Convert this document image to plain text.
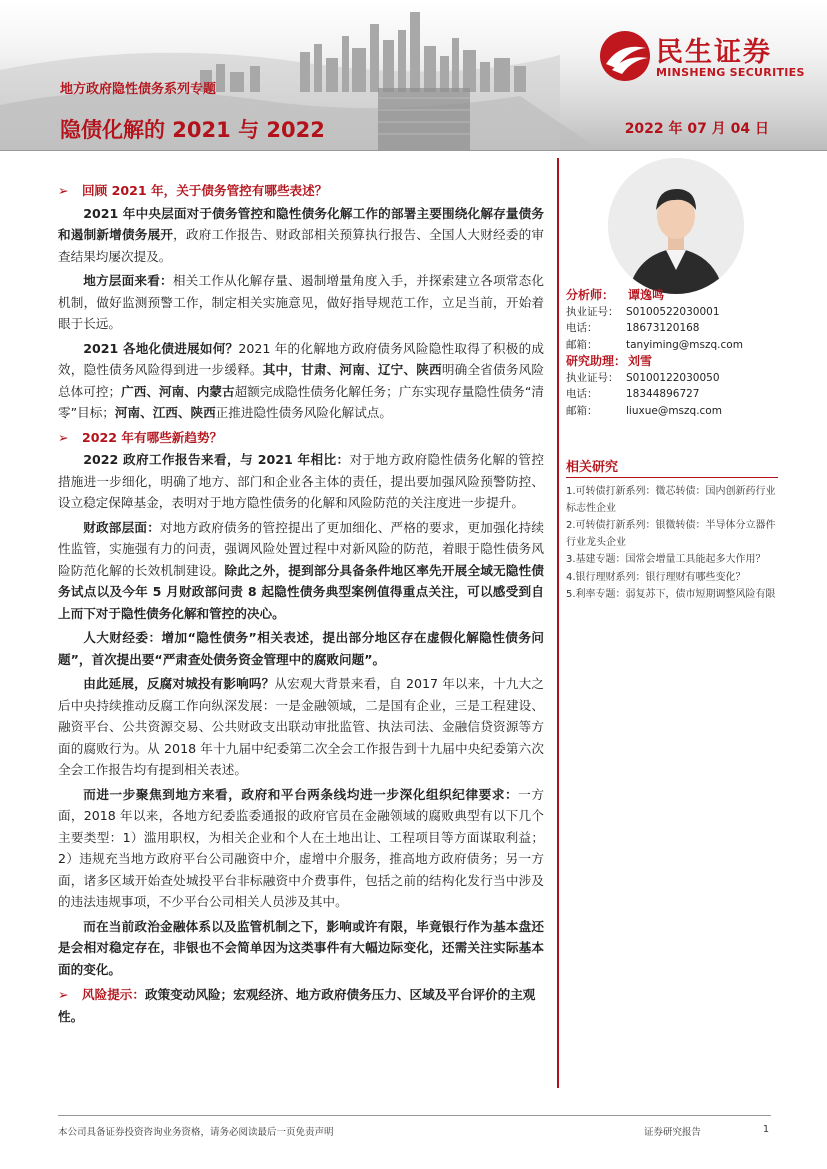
地方政府隐性债务系列专题
隐债化解的 2021 与 2022	2022 年 07 月 04 日
民生证券
MINSHENG SECURITIES
➢ 回顾 2021 年，关于债务管控有哪些表述？

2021 年中央层面对于债务管控和隐性债务化解工作的部署主要围绕化解存量债务和遏制新增债务展开，政府工作报告、财政部相关预算执行报告、全国人大财经委的审查结果均屡次提及。

地方层面来看：相关工作从化解存量、遏制增量角度入手，并探索建立各项常态化机制，做好监测预警工作，制定相关实施意见，做好指导规范工作，立足当前，开始着眼于长远。

2021 各地化债进展如何？2021 年的化解地方政府债务风险隐性取得了积极的成效，隐性债务风险得到进一步缓释。其中，甘肃、河南、辽宁、陕西明确全省债务风险总体可控；广西、河南、内蒙古超额完成隐性债务化解任务；广东实现存量隐性债务“清零”目标；河南、江西、陕西正推进隐性债务风险化解试点。

➢ 2022 年有哪些新趋势？

2022 政府工作报告来看，与 2021 年相比：对于地方政府隐性债务化解的管控措施进一步细化，明确了地方、部门和企业各主体的责任，提出要加强风险预警防控、设立稳定保障基金，表明对于地方隐性债务的化解和风险防范的关注度进一步提升。

财政部层面：对地方政府债务的管控提出了更加细化、严格的要求，更加强化持续性监管，实施强有力的问责，强调风险处置过程中对新风险的防范，着眼于隐性债务风险防范化解的长效机制建设。除此之外，提到部分具备条件地区率先开展全域无隐性债务试点以及今年 5 月财政部问责 8 起隐性债务典型案例值得重点关注，可以感受到自上而下对于隐性债务化解和管控的决心。

人大财经委：增加“隐性债务”相关表述，提出部分地区存在虚假化解隐性债务问题”，首次提出要“严肃查处债务资金管理中的腐败问题”。

由此延展，反腐对城投有影响吗？从宏观大背景来看，自 2017 年以来，十九大之后中央持续推动反腐工作向纵深发展：一是金融领域，二是国有企业，三是工程建设、融资平台、公共资源交易、公共财政支出联动审批监管、执法司法、金融信贷资源等方面的腐败行为。从 2018 年十九届中纪委第二次全会工作报告到十九届中央纪委第六次全会工作报告均有提到相关表述。

而进一步聚焦到地方来看，政府和平台两条线均进一步深化组织纪律要求：一方面，2018 年以来，各地方纪委监委通报的政府官员在金融领域的腐败典型有以下几个主要类型：1）滥用职权，为相关企业和个人在土地出让、工程项目等方面谋取利益；2）违规充当地方政府平台公司融资中介，虚增中介服务，推高地方政府债务；另一方面，诸多区域开始查处城投平台非标融资中介费事件，包括之前的结构化发行当中涉及的违法违规事项，不少平台公司相关人员涉及其中。

而在当前政治金融体系以及监管机制之下，影响或许有限，毕竟银行作为基本盘还是会相对稳定存在，非银也不会简单因为这类事件有大幅边际变化，还需关注实际基本面的变化。

➢ 风险提示：政策变动风险；宏观经济、地方政府债务压力、区域及平台评价的主观性。
分析师： 谭逸鸣
执业证号： S0100522030001
电话：	18673120168
邮箱：	tanyiming@mszq.com
研究助理： 刘雪
执业证号： S0100122030050
电话：	18344896727
邮箱：	liuxue@mszq.com
相关研究
1.可转债打新系列：微芯转债：国内创新药行业标志性企业
2.可转债打新系列：银微转债：半导体分立器件行业龙头企业
3.基建专题：国常会增量工具能起多大作用？
4.银行理财系列：银行理财有哪些变化？
5.利率专题：弱复苏下，债市短期调整风险有限
本公司具备证券投资咨询业务资格，请务必阅读最后一页免责声明	证券研究报告	1
